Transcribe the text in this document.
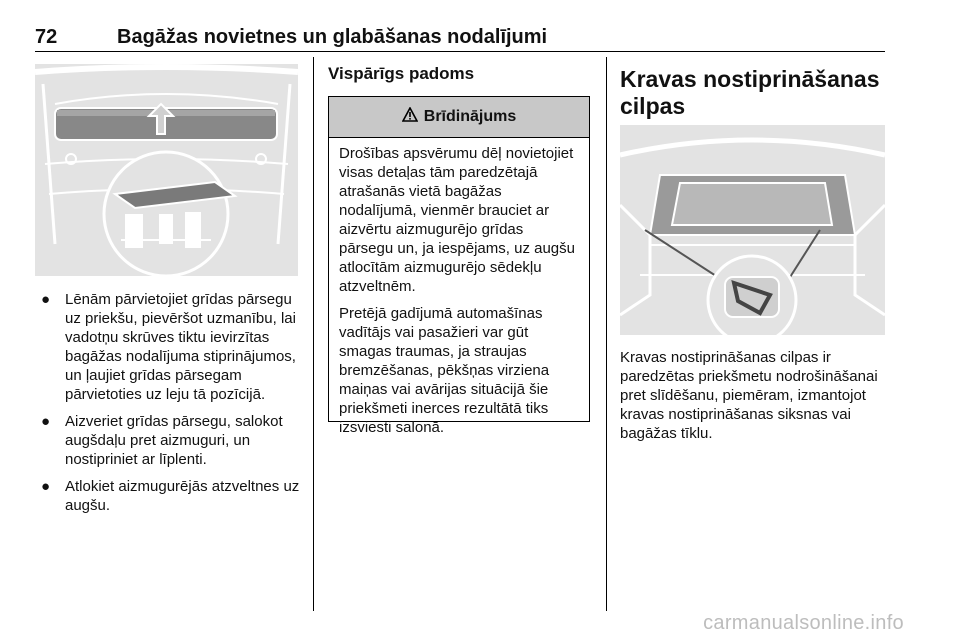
72	Bagāžas novietnes un glabāšanas nodalījumi
● Lēnām pārvietojiet grīdas pārsegu uz priekšu, pievēršot uzmanību, lai vadotņu skrūves tiktu ievirzītas bagāžas nodalījuma stiprinājumos, un ļaujiet grīdas pārsegam pārvietoties uz leju tā pozīcijā.
● Aizveriet grīdas pārsegu, salokot augšdaļu pret aizmuguri, un nostipriniet ar līplenti.
● Atlokiet aizmugurējās atzveltnes uz augšu.
Vispārīgs padoms
Brīdinājums

Drošības apsvērumu dēļ novietojiet visas detaļas tām paredzētajā atrašanās vietā bagāžas nodalījumā, vienmēr brauciet ar aizvērtu aizmugurējo grīdas pārsegu un, ja iespējams, uz augšu atlocītām aizmugurējo sēdekļu atzveltnēm.

Pretējā gadījumā automašīnas vadītājs vai pasažieri var gūt smagas traumas, ja straujas bremzēšanas, pēkšņas virziena maiņas vai avārijas situācijā šie priekšmeti inerces rezultātā tiks izsviesti salonā.

Kravas nostiprināšanas cilpas

Kravas nostiprināšanas cilpas ir paredzētas priekšmetu nodrošināšanai pret slīdēšanu, piemēram, izmantojot kravas nostiprināšanas siksnas vai bagāžas tīklu.

carmanualsonline.info
